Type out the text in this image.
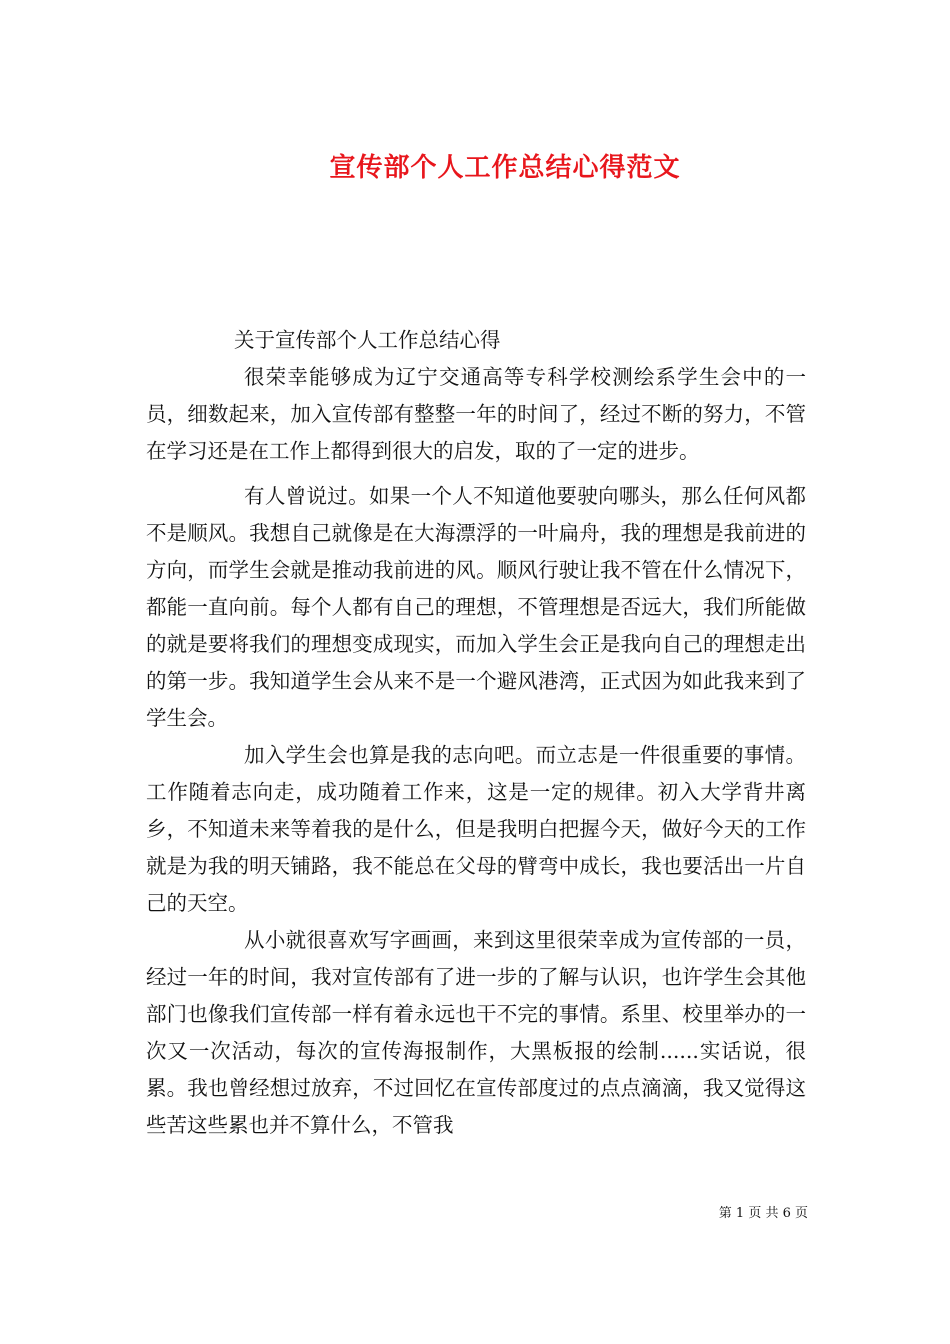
宣传部个人工作总结心得范文

关于宣传部个人工作总结心得

很荣幸能够成为辽宁交通高等专科学校测绘系学生会中的一员，细数起来，加入宣传部有整整一年的时间了，经过不断的努力，不管在学习还是在工作上都得到很大的启发，取的了一定的进步。

有人曾说过。如果一个人不知道他要驶向哪头，那么任何风都不是顺风。我想自己就像是在大海漂浮的一叶扁舟，我的理想是我前进的方向，而学生会就是推动我前进的风。顺风行驶让我不管在什么情况下，都能一直向前。每个人都有自己的理想，不管理想是否远大，我们所能做的就是要将我们的理想变成现实，而加入学生会正是我向自己的理想走出的第一步。我知道学生会从来不是一个避风港湾，正式因为如此我来到了学生会。

加入学生会也算是我的志向吧。而立志是一件很重要的事情。工作随着志向走，成功随着工作来，这是一定的规律。初入大学背井离乡，不知道未来等着我的是什么，但是我明白把握今天，做好今天的工作就是为我的明天铺路，我不能总在父母的臂弯中成长，我也要活出一片自己的天空。

从小就很喜欢写字画画，来到这里很荣幸成为宣传部的一员，经过一年的时间，我对宣传部有了进一步的了解与认识，也许学生会其他部门也像我们宣传部一样有着永远也干不完的事情。系里、校里举办的一次又一次活动，每次的宣传海报制作，大黑板报的绘制......实话说，很累。我也曾经想过放弃，不过回忆在宣传部度过的点点滴滴，我又觉得这些苦这些累也并不算什么，不管我

第 1 页 共 6 页
